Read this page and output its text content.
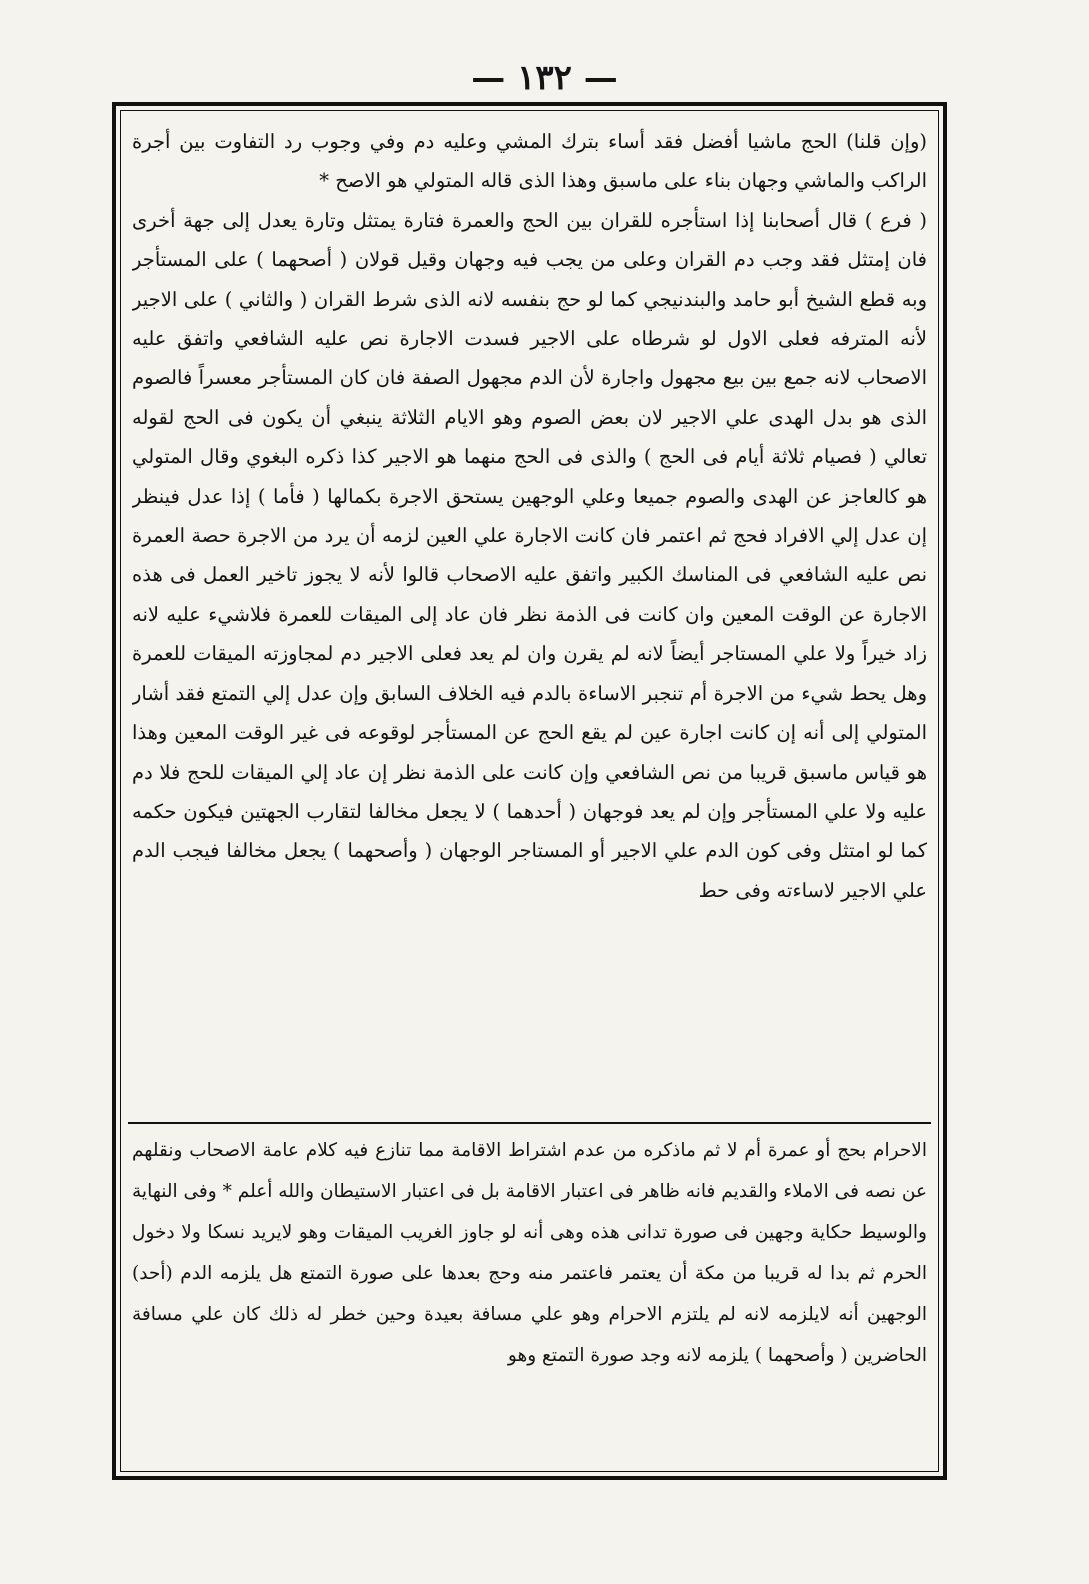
— ١٣٢ —

(وإن قلنا) الحج ماشيا أفضل فقد أساء بترك المشي وعليه دم وفي وجوب رد التفاوت بين أجرة الراكب والماشي وجهان بناء على ماسبق وهذا الذى قاله المتولي هو الاصح *

( فرع ) قال أصحابنا إذا استأجره للقران بين الحج والعمرة فتارة يمتثل وتارة يعدل إلى جهة أخرى فان إمتثل فقد وجب دم القران وعلى من يجب فيه وجهان وقيل قولان ( أصحهما ) على المستأجر وبه قطع الشيخ أبو حامد والبندنيجي كما لو حج بنفسه لانه الذى شرط القران ( والثاني ) على الاجير لأنه المترفه فعلى الاول لو شرطاه على الاجير فسدت الاجارة نص عليه الشافعي واتفق عليه الاصحاب لانه جمع بين بيع مجهول واجارة لأن الدم مجهول الصفة فان كان المستأجر معسراً فالصوم الذى هو بدل الهدى علي الاجير لان بعض الصوم وهو الايام الثلاثة ينبغي أن يكون فى الحج لقوله تعالي ( فصيام ثلاثة أيام فى الحج ) والذى فى الحج منهما هو الاجير كذا ذكره البغوي وقال المتولي هو كالعاجز عن الهدى والصوم جميعا وعلي الوجهين يستحق الاجرة بكمالها ( فأما ) إذا عدل فينظر إن عدل إلي الافراد فحج ثم اعتمر فان كانت الاجارة علي العين لزمه أن يرد من الاجرة حصة العمرة نص عليه الشافعي فى المناسك الكبير واتفق عليه الاصحاب قالوا لأنه لا يجوز تاخير العمل فى هذه الاجارة عن الوقت المعين وان كانت فى الذمة نظر فان عاد إلى الميقات للعمرة فلاشيء عليه لانه زاد خيراً ولا علي المستاجر أيضاً لانه لم يقرن وان لم يعد فعلى الاجير دم لمجاوزته الميقات للعمرة وهل يحط شيء من الاجرة أم تنجبر الاساءة بالدم فيه الخلاف السابق وإن عدل إلي التمتع فقد أشار المتولي إلى أنه إن كانت اجارة عين لم يقع الحج عن المستأجر لوقوعه فى غير الوقت المعين وهذا هو قياس ماسبق قريبا من نص الشافعي وإن كانت على الذمة نظر إن عاد إلي الميقات للحج فلا دم عليه ولا علي المستأجر وإن لم يعد فوجهان ( أحدهما ) لا يجعل مخالفا لتقارب الجهتين فيكون حكمه كما لو امتثل وفى كون الدم علي الاجير أو المستاجر الوجهان ( وأصحهما ) يجعل مخالفا فيجب الدم علي الاجير لاساءته وفى حط

الاحرام بحج أو عمرة أم لا ثم ماذكره من عدم اشتراط الاقامة مما تنازع فيه كلام عامة الاصحاب ونقلهم عن نصه فى الاملاء والقديم فانه ظاهر فى اعتبار الاقامة بل فى اعتبار الاستيطان والله أعلم * وفى النهاية والوسيط حكاية وجهين فى صورة تدانى هذه وهى أنه لو جاوز الغريب الميقات وهو لايريد نسكا ولا دخول الحرم ثم بدا له قريبا من مكة أن يعتمر فاعتمر منه وحج بعدها على صورة التمتع هل يلزمه الدم (أحد) الوجهين أنه لايلزمه لانه لم يلتزم الاحرام وهو علي مسافة بعيدة وحين خطر له ذلك كان علي مسافة الحاضرين ( وأصحهما ) يلزمه لانه وجد صورة التمتع وهو
